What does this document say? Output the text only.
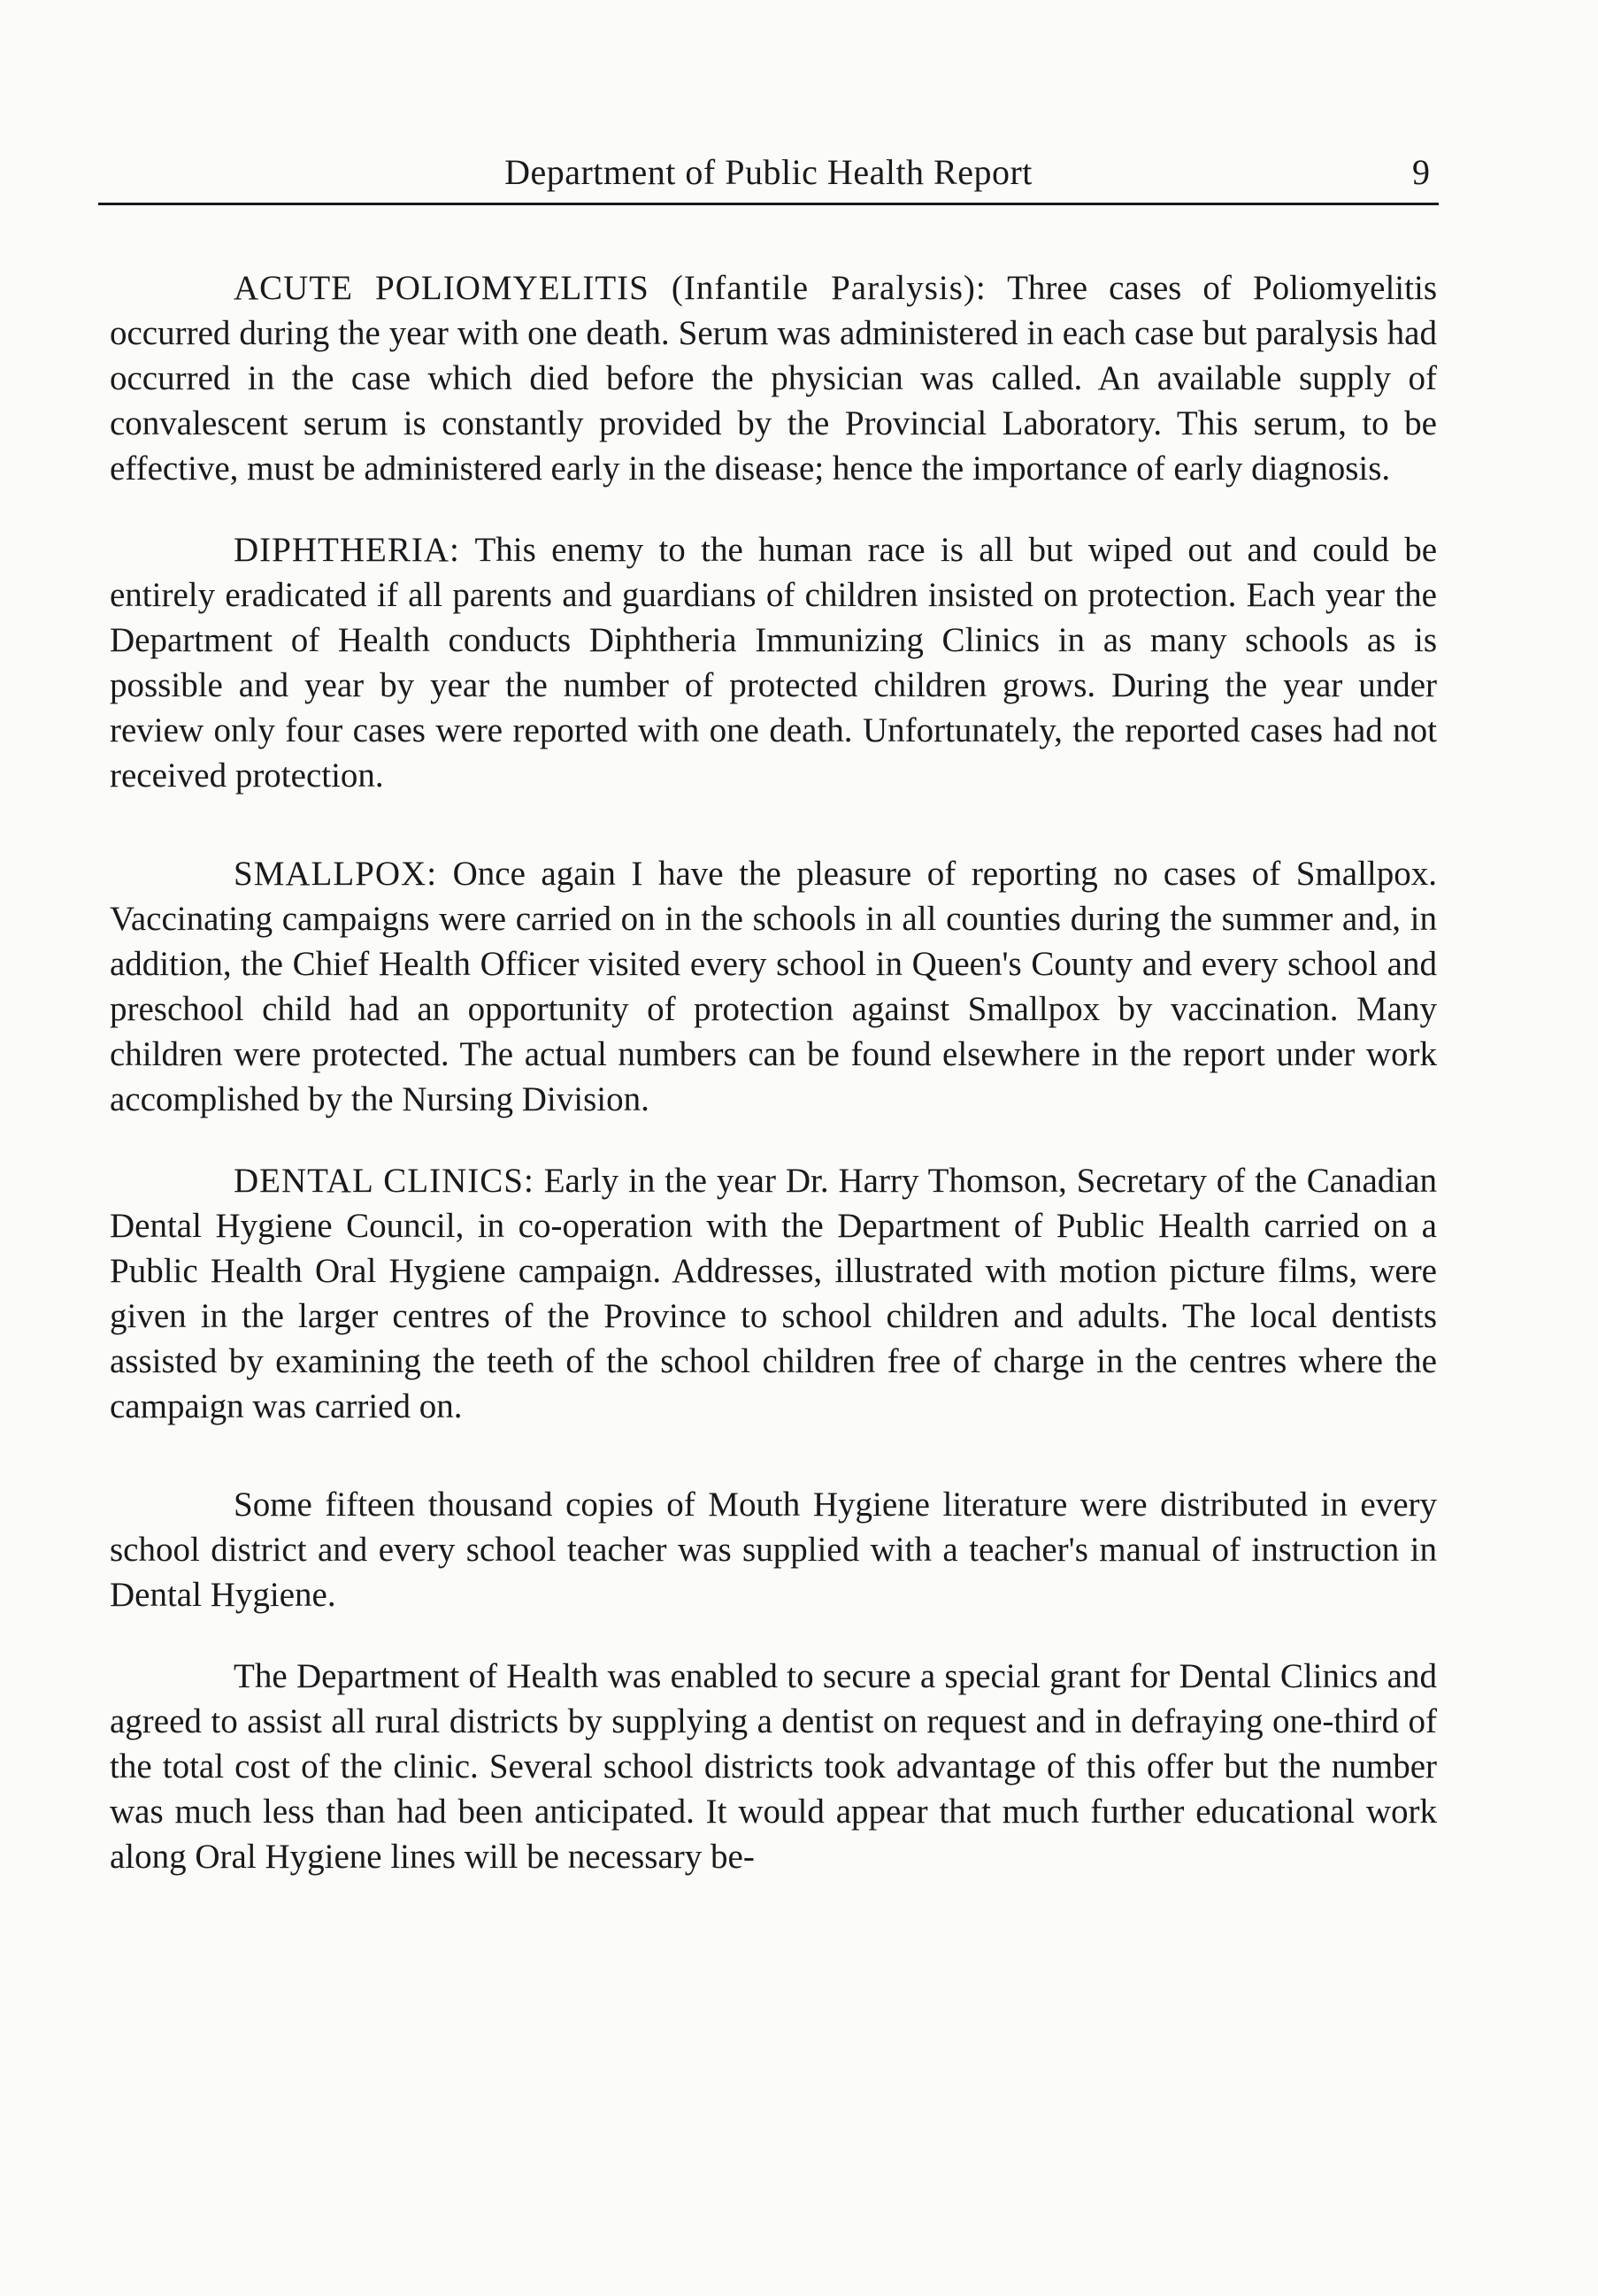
Department of Public Health Report	9

ACUTE POLIOMYELITIS (Infantile Paralysis): Three cases of Poliomyelitis occurred during the year with one death. Serum was administered in each case but paralysis had occurred in the case which died before the physician was called. An available supply of convalescent serum is constantly provided by the Provincial Laboratory. This serum, to be effective, must be administered early in the disease; hence the importance of early diagnosis.

DIPHTHERIA: This enemy to the human race is all but wiped out and could be entirely eradicated if all parents and guardians of children insisted on protection. Each year the Department of Health conducts Diphtheria Immunizing Clinics in as many schools as is possible and year by year the number of protected children grows. During the year under review only four cases were reported with one death. Unfortunately, the reported cases had not received protection.

SMALLPOX: Once again I have the pleasure of reporting no cases of Smallpox. Vaccinating campaigns were carried on in the schools in all counties during the summer and, in addition, the Chief Health Officer visited every school in Queen's County and every school and preschool child had an opportunity of protection against Smallpox by vaccination. Many children were protected. The actual numbers can be found elsewhere in the report under work accomplished by the Nursing Division.

DENTAL CLINICS: Early in the year Dr. Harry Thomson, Secretary of the Canadian Dental Hygiene Council, in co-operation with the Department of Public Health carried on a Public Health Oral Hygiene campaign. Addresses, illustrated with motion picture films, were given in the larger centres of the Province to school children and adults. The local dentists assisted by examining the teeth of the school children free of charge in the centres where the campaign was carried on.

Some fifteen thousand copies of Mouth Hygiene literature were distributed in every school district and every school teacher was supplied with a teacher's manual of instruction in Dental Hygiene.

The Department of Health was enabled to secure a special grant for Dental Clinics and agreed to assist all rural districts by supplying a dentist on request and in defraying one-third of the total cost of the clinic. Several school districts took advantage of this offer but the number was much less than had been anticipated. It would appear that much further educational work along Oral Hygiene lines will be necessary be-
